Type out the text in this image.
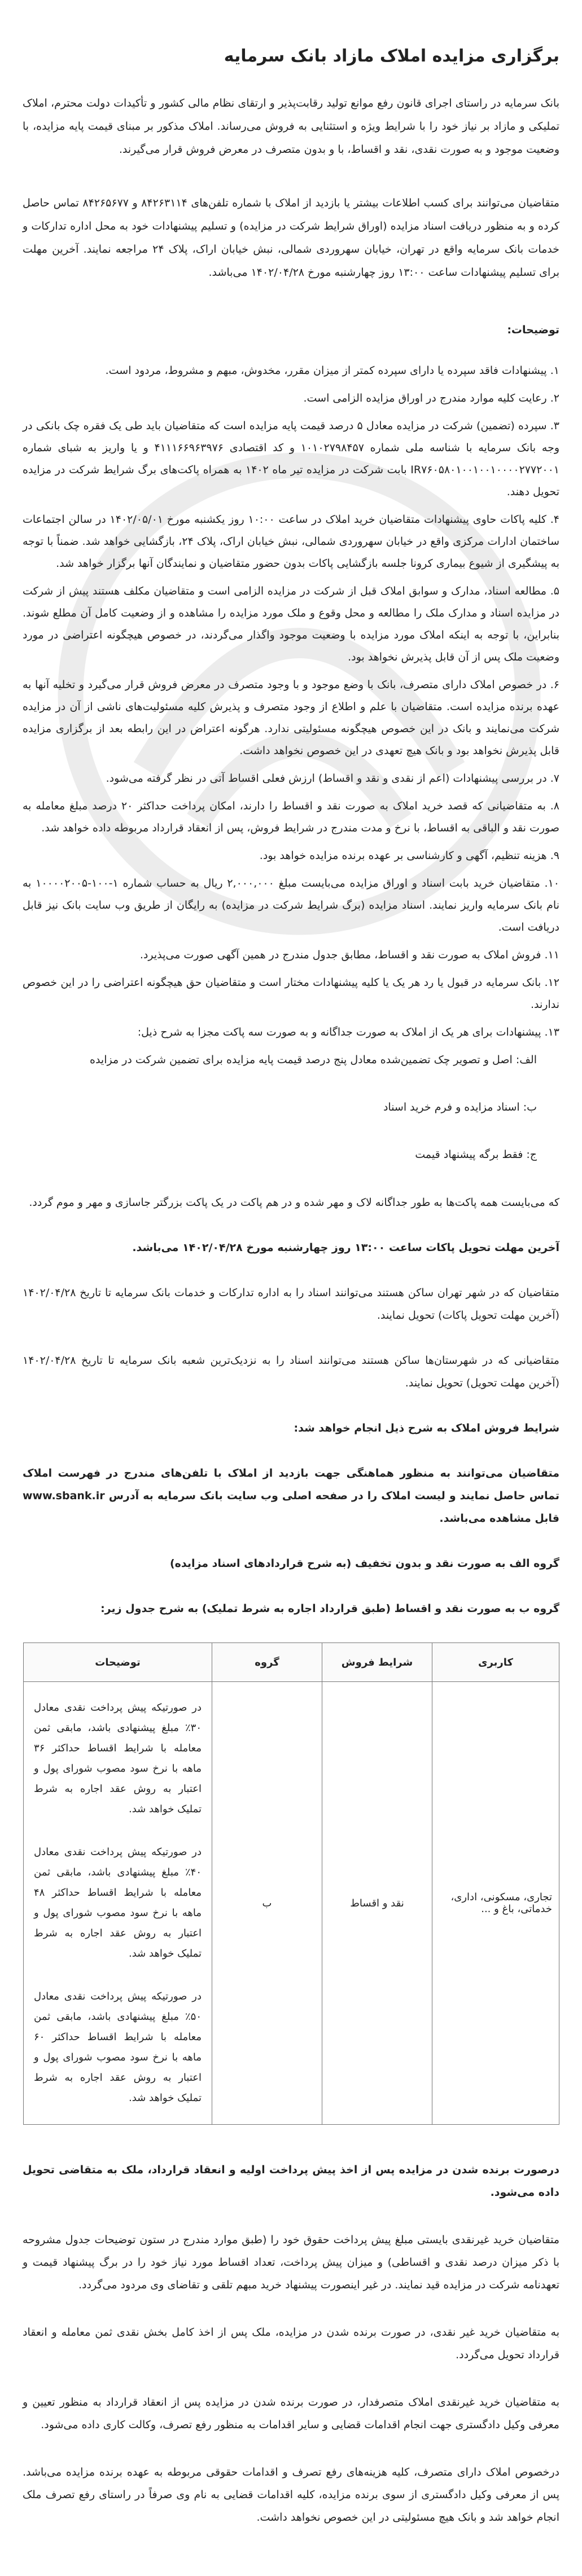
برگزاری مزایده املاک مازاد بانک سرمایه

بانک سرمایه در راستای اجرای قانون رفع موانع تولید رقابت‌پذیر و ارتقای نظام مالی کشور و تأکیدات دولت محترم، املاک تملیکی و مازاد بر نیاز خود را با شرایط ویژه و استثنایی به فروش می‌رساند. املاک مذکور بر مبنای قیمت پایه مزایده، با وضعیت موجود و به صورت نقدی، نقد و اقساط، با و بدون متصرف در معرض فروش قرار می‌گیرند.

متقاضیان می‌توانند برای کسب اطلاعات بیشتر یا بازدید از املاک با شماره تلفن‌های ۸۴۲۶۳۱۱۴ و ۸۴۲۶۵۶۷۷ تماس حاصل کرده و به منظور دریافت اسناد مزایده (اوراق شرایط شرکت در مزایده) و تسلیم پیشنهادات خود به محل اداره تدارکات و خدمات بانک سرمایه واقع در تهران، خیابان سهروردی شمالی، نبش خیابان اراک، پلاک ۲۴ مراجعه نمایند. آخرین مهلت برای تسلیم پیشنهادات ساعت ۱۳:۰۰ روز چهارشنبه مورخ ۱۴۰۲/۰۴/۲۸ می‌باشد.

توضیحات:
۱. پیشنهادات فاقد سپرده یا دارای سپرده کمتر از میزان مقرر، مخدوش، مبهم و مشروط، مردود است.
۲. رعایت کلیه موارد مندرج در اوراق مزایده الزامی است.
۳. سپرده (تضمین) شرکت در مزایده معادل ۵ درصد قیمت پایه مزایده است که متقاضیان باید طی یک فقره چک بانکی در وجه بانک سرمایه با شناسه ملی شماره ۱۰۱۰۲۷۹۸۴۵۷ و کد اقتصادی ۴۱۱۱۶۶۹۶۳۹۷۶ و یا واریز به شبای شماره IR۷۶۰۵۸۰۱۰۰۱۰۰۱۰۰۰۰۲۷۷۲۰۰۱ بابت شرکت در مزایده تیر ماه ۱۴۰۲ به همراه پاکت‌های برگ شرایط شرکت در مزایده تحویل دهند.
۴. کلیه پاکات حاوی پیشنهادات متقاضیان خرید املاک در ساعت ۱۰:۰۰ روز یکشنبه مورخ ۱۴۰۲/۰۵/۰۱ در سالن اجتماعات ساختمان ادارات مرکزی واقع در خیابان سهروردی شمالی، نبش خیابان اراک، پلاک ۲۴، بازگشایی خواهد شد. ضمناً با توجه به پیشگیری از شیوع بیماری کرونا جلسه بازگشایی پاکات بدون حضور متقاضیان و نمایندگان آنها برگزار خواهد شد.
۵. مطالعه اسناد، مدارک و سوابق املاک قبل از شرکت در مزایده الزامی است و متقاضیان مکلف هستند پیش از شرکت در مزایده اسناد و مدارک ملک را مطالعه و محل وقوع و ملک مورد مزایده را مشاهده و از وضعیت کامل آن مطلع شوند. بنابراین، با توجه به اینکه املاک مورد مزایده با وضعیت موجود واگذار می‌گردند، در خصوص هیچگونه اعتراضی در مورد وضعیت ملک پس از آن قابل پذیرش نخواهد بود.
۶. در خصوص املاک دارای متصرف، بانک با وضع موجود و با وجود متصرف در معرض فروش قرار می‌گیرد و تخلیه آنها به عهده برنده مزایده است. متقاضیان با علم و اطلاع از وجود متصرف و پذیرش کلیه مسئولیت‌های ناشی از آن در مزایده شرکت می‌نمایند و بانک در این خصوص هیچگونه مسئولیتی ندارد. هرگونه اعتراض در این رابطه بعد از برگزاری مزایده قابل پذیرش نخواهد بود و بانک هیچ تعهدی در این خصوص نخواهد داشت.
۷. در بررسی پیشنهادات (اعم از نقدی و نقد و اقساط) ارزش فعلی اقساط آتی در نظر گرفته می‌شود.
۸. به متقاضیانی که قصد خرید املاک به صورت نقد و اقساط را دارند، امکان پرداخت حداکثر ۲۰ درصد مبلغ معامله به صورت نقد و الباقی به اقساط، با نرخ و مدت مندرج در شرایط فروش، پس از انعقاد قرارداد مربوطه داده خواهد شد.
۹. هزینه تنظیم، آگهی و کارشناسی بر عهده برنده مزایده خواهد بود.
۱۰. متقاضیان خرید بابت اسناد و اوراق مزایده می‌بایست مبلغ ۲,۰۰۰,۰۰۰ ریال به حساب شماره ۱-۱۰۰-۱۰۰۰۰۲۰۰۵ به نام بانک سرمایه واریز نمایند. اسناد مزایده (برگ شرایط شرکت در مزایده) به رایگان از طریق وب سایت بانک نیز قابل دریافت است.
۱۱. فروش املاک به صورت نقد و اقساط، مطابق جدول مندرج در همین آگهی صورت می‌پذیرد.
۱۲. بانک سرمایه در قبول یا رد هر یک یا کلیه پیشنهادات مختار است و متقاضیان حق هیچگونه اعتراضی را در این خصوص ندارند.
۱۳. پیشنهادات برای هر یک از املاک به صورت جداگانه و به صورت سه پاکت مجزا به شرح ذیل:
الف: اصل و تصویر چک تضمین‌شده معادل پنج درصد قیمت پایه مزایده برای تضمین شرکت در مزایده
ب: اسناد مزایده و فرم خرید اسناد
ج: فقط برگه پیشنهاد قیمت

که می‌بایست همه پاکت‌ها به طور جداگانه لاک و مهر شده و در هم پاکت در یک پاکت بزرگتر جاسازی و مهر و موم گردد.

آخرین مهلت تحویل پاکات ساعت ۱۳:۰۰ روز چهارشنبه مورخ ۱۴۰۲/۰۴/۲۸ می‌باشد.

متقاضیان که در شهر تهران ساکن هستند می‌توانند اسناد را به اداره تدارکات و خدمات بانک سرمایه تا تاریخ ۱۴۰۲/۰۴/۲۸ (آخرین مهلت تحویل پاکات) تحویل نمایند.

متقاضیانی که در شهرستان‌ها ساکن هستند می‌توانند اسناد را به نزدیک‌ترین شعبه بانک سرمایه تا تاریخ ۱۴۰۲/۰۴/۲۸ (آخرین مهلت تحویل) تحویل نمایند.

شرایط فروش املاک به شرح ذیل انجام خواهد شد:

متقاضیان می‌توانند به منظور هماهنگی جهت بازدید از املاک با تلفن‌های مندرج در فهرست املاک تماس حاصل نمایند و لیست املاک را در صفحه اصلی وب سایت بانک سرمایه به آدرس www.sbank.ir قابل مشاهده می‌باشد.

گروه الف به صورت نقد و بدون تخفیف (به شرح قراردادهای اسناد مزایده)

گروه ب به صورت نقد و اقساط (طبق قرارداد اجاره به شرط تملیک) به شرح جدول زیر:

کاربری	شرایط فروش	گروه	توضیحات
تجاری، مسکونی، اداری، خدماتی، باغ و ...	نقد و اقساط	ب	در صورتیکه پیش پرداخت نقدی معادل ۳۰٪ مبلغ پیشنهادی باشد، مابقی ثمن معامله با شرایط اقساط حداکثر ۳۶ ماهه با نرخ سود مصوب شورای پول و اعتبار به روش عقد اجاره به شرط تملیک خواهد شد.

در صورتیکه پیش پرداخت نقدی معادل ۴۰٪ مبلغ پیشنهادی باشد، مابقی ثمن معامله با شرایط اقساط حداکثر ۴۸ ماهه با نرخ سود مصوب شورای پول و اعتبار به روش عقد اجاره به شرط تملیک خواهد شد.

در صورتیکه پیش پرداخت نقدی معادل ۵۰٪ مبلغ پیشنهادی باشد، مابقی ثمن معامله با شرایط اقساط حداکثر ۶۰ ماهه با نرخ سود مصوب شورای پول و اعتبار به روش عقد اجاره به شرط تملیک خواهد شد.

درصورت برنده شدن در مزایده پس از اخذ پیش پرداخت اولیه و انعقاد قرارداد، ملک به متقاضی تحویل داده می‌شود.

متقاضیان خرید غیرنقدی بایستی مبلغ پیش پرداخت حقوق خود را (طبق موارد مندرج در ستون توضیحات جدول مشروحه با ذکر میزان درصد نقدی و اقساطی) و میزان پیش پرداخت، تعداد اقساط مورد نیاز خود را در برگ پیشنهاد قیمت و تعهدنامه شرکت در مزایده قید نمایند. در غیر اینصورت پیشنهاد خرید مبهم تلقی و تقاضای وی مردود می‌گردد.

به متقاضیان خرید غیر نقدی، در صورت برنده شدن در مزایده، ملک پس از اخذ کامل بخش نقدی ثمن معامله و انعقاد قرارداد تحویل می‌گردد.

به متقاضیان خرید غیرنقدی املاک متصرفدار، در صورت برنده شدن در مزایده پس از انعقاد قرارداد به منظور تعیین و معرفی وکیل دادگستری جهت انجام اقدامات قضایی و سایر اقدامات به منظور رفع تصرف، وکالت کاری داده می‌شود.

درخصوص املاک دارای متصرف، کلیه هزینه‌های رفع تصرف و اقدامات حقوقی مربوطه به عهده برنده مزایده می‌باشد. پس از معرفی وکیل دادگستری از سوی برنده مزایده، کلیه اقدامات قضایی به نام وی صرفاً در راستای رفع تصرف ملک انجام خواهد شد و بانک هیچ مسئولیتی در این خصوص نخواهد داشت.
